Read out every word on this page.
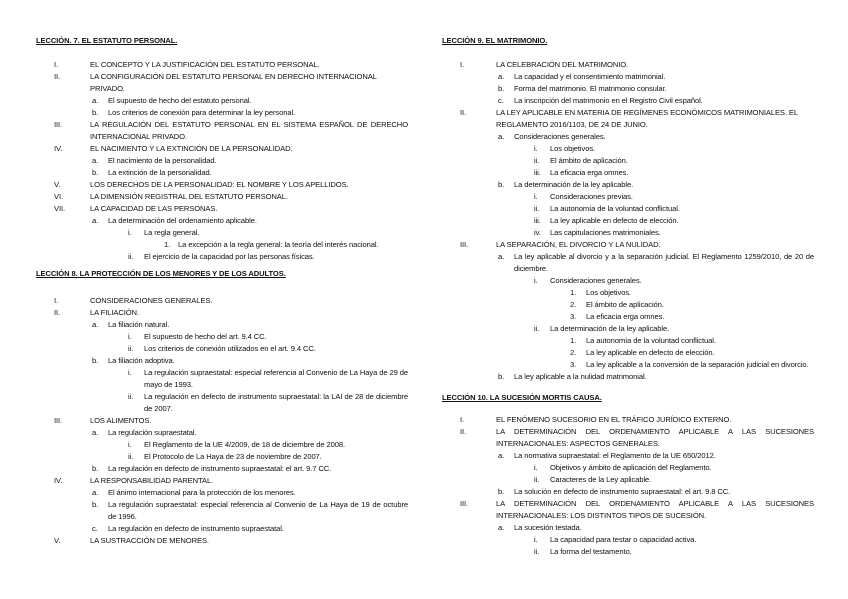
LECCIÓN. 7. EL ESTATUTO PERSONAL.
I.	EL CONCEPTO Y LA JUSTIFICACIÓN DEL ESTATUTO PERSONAL.
II.	LA CONFIGURACIÓN DEL ESTATUTO PERSONAL EN DERECHO INTERNACIONAL PRIVADO.
a. El supuesto de hecho del estatuto personal.
b. Los criterios de conexión para determinar la ley personal.
III.	LA REGULACIÓN DEL ESTATUTO PERSONAL EN EL SISTEMA ESPAÑOL DE DERECHO INTERNACIONAL PRIVADO.
IV.	EL NACIMIENTO Y LA EXTINCIÓN DE LA PERSONALIDAD.
a. El nacimiento de la personalidad.
b. La extinción de la personalidad.
V.	LOS DERECHOS DE LA PERSONALIDAD: EL NOMBRE Y LOS APELLIDOS.
VI.	LA DIMENSIÓN REGISTRAL DEL ESTATUTO PERSONAL.
VII.	LA CAPACIDAD DE LAS PERSONAS.
a. La determinación del ordenamiento aplicable.
i. La regla general.
1. La excepción a la regla general: la teoría del interés nacional.
ii. El ejercicio de la capacidad por las personas físicas.
LECCIÓN 8. LA PROTECCIÓN DE LOS MENORES Y DE LOS ADULTOS.
I.	CONSIDERACIONES GENERALES.
II.	LA FILIACIÓN.
a. La filiación natural.
i. El supuesto de hecho del art. 9.4 CC.
ii. Los criterios de conexión utilizados en el art. 9.4 CC.
b. La filiación adoptiva.
i. La regulación supraestatal: especial referencia al Convenio de La Haya de 29 de mayo de 1993.
ii. La regulación en defecto de instrumento supraestatal: la LAI de 28 de diciembre de 2007.
III.	LOS ALIMENTOS.
a. La regulación supraestatal.
i. El Reglamento de la UE 4/2009, de 18 de diciembre de 2008.
ii. El Protocolo de La Haya de 23 de noviembre de 2007.
b. La regulación en defecto de instrumento supraestatal: el art. 9.7 CC.
IV.	LA RESPONSABILIDAD PARENTAL.
a. El ánimo internacional para la protección de los menores.
b. La regulación supraestatal: especial referencia al Convenio de La Haya de 19 de octubre de 1996.
c. La regulación en defecto de instrumento supraestatal.
V.	LA SUSTRACCIÓN DE MENORES.
LECCIÓN 9. EL MATRIMONIO.
I.	LA CELEBRACIÓN DEL MATRIMONIO.
a. La capacidad y el consentimiento matrimonial.
b. Forma del matrimonio. El matrimonio consular.
c. La inscripción del matrimonio en el Registro Civil español.
II.	LA LEY APLICABLE EN MATERIA DE REGÍMENES ECONÓMICOS MATRIMONIALES. EL REGLAMENTO 2016/1103, DE 24 DE JUNIO.
a. Consideraciones generales.
i. Los objetivos.
ii. El ámbito de aplicación.
iii. La eficacia erga omnes.
b. La determinación de la ley aplicable.
i. Consideraciones previas.
ii. La autonomía de la voluntad conflictual.
iii. La ley aplicable en defecto de elección.
iv. Las capitulaciones matrimoniales.
III.	LA SEPARACIÓN, EL DIVORCIO Y LA NULIDAD.
a. La ley aplicable al divorcio y a la separación judicial. El Reglamento 1259/2010, de 20 de diciembre.
i. Consideraciones generales.
1. Los objetivos.
2. El ámbito de aplicación.
3. La eficacia erga omnes.
ii. La determinación de la ley aplicable.
1. La autonomía de la voluntad conflictual.
2. La ley aplicable en defecto de elección.
3. La ley aplicable a la conversión de la separación judicial en divorcio.
b. La ley aplicable a la nulidad matrimonial.
LECCIÓN 10. LA SUCESIÓN MORTIS CAUSA.
I.	EL FENÓMENO SUCESORIO EN EL TRÁFICO JURÍDICO EXTERNO.
II.	LA DETERMINACIÓN DEL ORDENAMIENTO APLICABLE A LAS SUCESIONES INTERNACIONALES: ASPECTOS GENERALES.
a. La normativa supraestatal: el Reglamento de la UE 650/2012.
i. Objetivos y ámbito de aplicación del Reglamento.
ii. Caracteres de la Ley aplicable.
b. La solución en defecto de instrumento supraestatal: el art. 9.8 CC.
III.	LA DETERMINACIÓN DEL ORDENAMIENTO APLICABLE A LAS SUCESIONES INTERNACIONALES: LOS DISTINTOS TIPOS DE SUCESIÓN.
a. La sucesión testada.
i. La capacidad para testar o capacidad activa.
ii. La forma del testamento.
